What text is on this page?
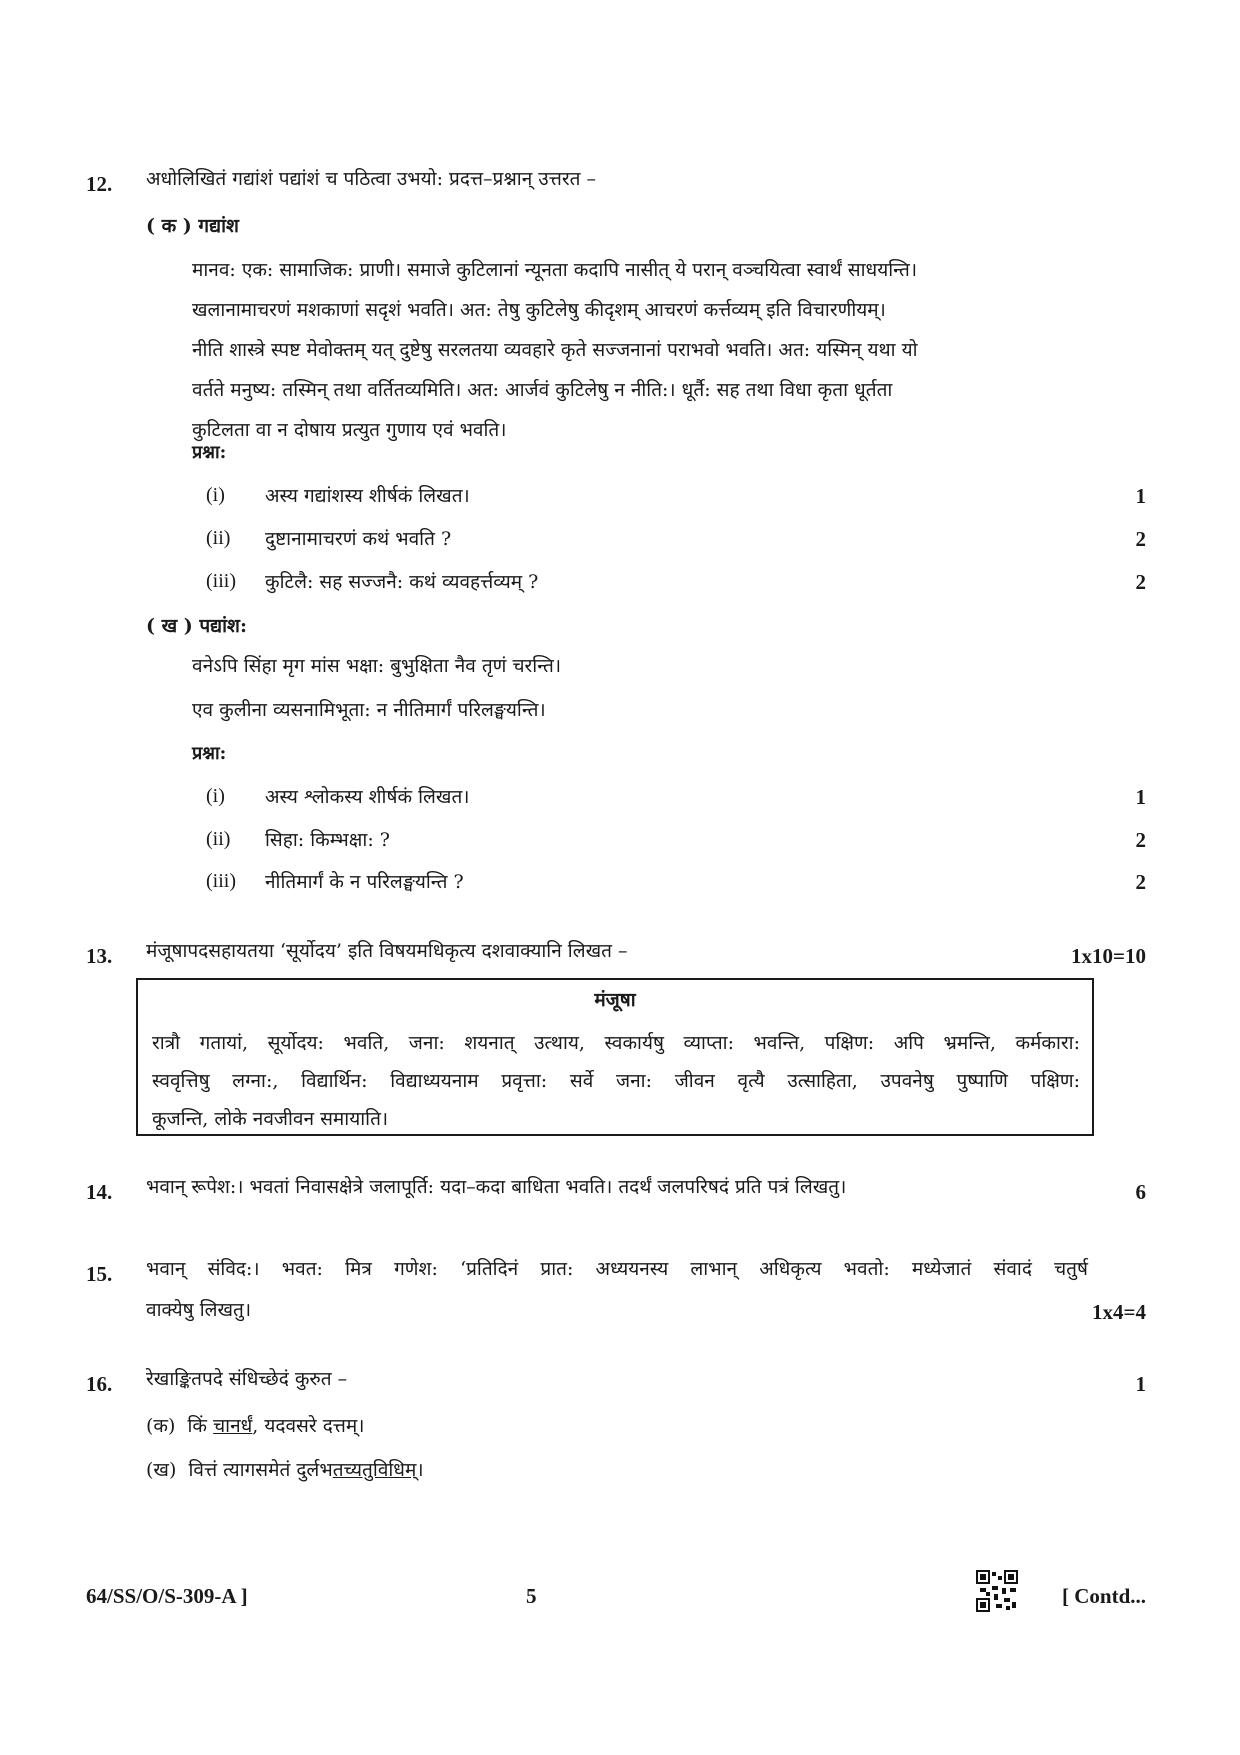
12. अधोलिखितं गद्यांशं पद्यांशं च पठित्वा उभयो: प्रदत्त–प्रश्नान् उत्तरत –
( क ) गद्यांश
मानव: एक: सामाजिक: प्राणी। समाजे कुटिलानां न्यूनता कदापि नासीत् ये परान् वञ्चयित्वा स्वार्थं साधयन्ति।
खलानामाचरणं मशकाणां सदृशं भवति। अत: तेषु कुटिलेषु कीदृशम् आचरणं कर्त्तव्यम् इति विचारणीयम्।
नीति शास्त्रे स्पष्ट मेवोक्तम् यत् दुष्टेषु सरलतया व्यवहारे कृते सज्जनानां पराभवो भवति। अत: यस्मिन् यथा यो
वर्तते मनुष्य: तस्मिन् तथा वर्तितव्यमिति। अत: आर्जवं कुटिलेषु न नीति:। धूर्तै: सह तथा विधा कृता धूर्तता
कुटिलता वा न दोषाय प्रत्युत गुणाय एवं भवति।
प्रश्ना:
(i) अस्य गद्यांशस्य शीर्षकं लिखत।	1
(ii) दुष्टानामाचरणं कथं भवति ?	2
(iii) कुटिलै: सह सज्जनै: कथं व्यवहर्त्तव्यम् ?	2
( ख ) पद्यांश:
वनेऽपि सिंहा मृग मांस भक्षा: बुभुक्षिता नैव तृणं चरन्ति।
एव कुलीना व्यसनामिभूता: न नीतिमार्गं परिलङ्घयन्ति।
प्रश्ना:
(i) अस्य श्लोकस्य शीर्षकं लिखत।	1
(ii) सिहा: किम्भक्षा: ?	2
(iii) नीतिमार्गं के न परिलङ्घयन्ति ?	2
13. मंजूषापदसहायतया ‘सूर्योदय’ इति विषयमधिकृत्य दशवाक्यानि लिखत –	1x10=10
मंजूषा
रात्रौ गतायां, सूर्योदय: भवति, जना: शयनात् उत्थाय, स्वकार्यषु व्याप्ता: भवन्ति, पक्षिण: अपि भ्रमन्ति, कर्मकारा:
स्ववृत्तिषु लग्ना:, विद्यार्थिन: विद्याध्ययनाम प्रवृत्ता: सर्वे जना: जीवन वृत्यै उत्साहिता, उपवनेषु पुष्पाणि पक्षिण:
कूजन्ति, लोके नवजीवन समायाति।
14. भवान् रूपेश:। भवतां निवासक्षेत्रे जलापूर्ति: यदा–कदा बाधिता भवति। तदर्थं जलपरिषदं प्रति पत्रं लिखतु।	6
15. भवान् संविद:। भवत: मित्र गणेश: ‘प्रतिदिनं प्रात: अध्ययनस्य लाभान् अधिकृत्य भवतो: मध्येजातं संवादं चतुर्ष
वाक्येषु लिखतु।	1x4=4
16. रेखाङ्कितपदे संधिच्छेदं कुरुत –	1
(क) किं चानर्धं, यदवसरे दत्तम्।
(ख) वित्तं त्यागसमेतं दुर्लभतच्यतुविधिम्।
64/SS/O/S-309-A ]	5	[ Contd...
